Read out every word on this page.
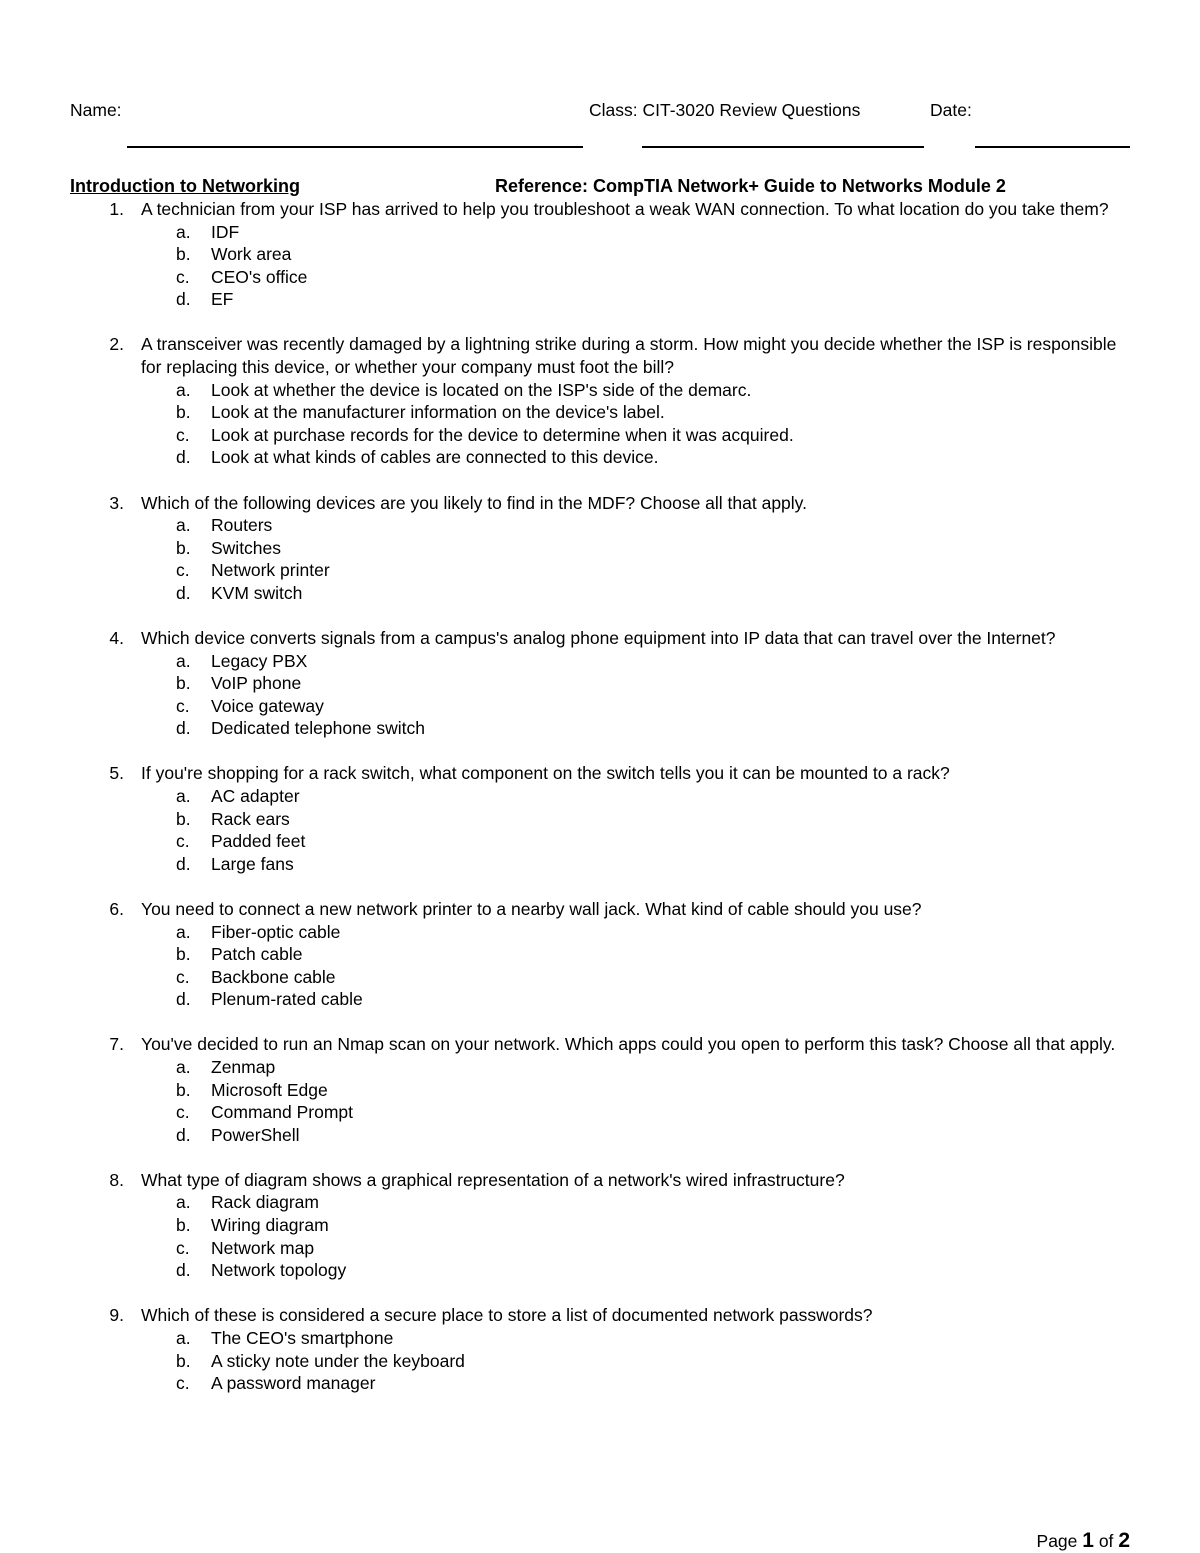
Name:	Class: CIT-3020 Review Questions	Date:
Introduction to Networking	Reference: CompTIA Network+ Guide to Networks Module 2
1. A technician from your ISP has arrived to help you troubleshoot a weak WAN connection. To what location do you take them?
a. IDF
b. Work area
c. CEO's office
d. EF
2. A transceiver was recently damaged by a lightning strike during a storm. How might you decide whether the ISP is responsible for replacing this device, or whether your company must foot the bill?
a. Look at whether the device is located on the ISP's side of the demarc.
b. Look at the manufacturer information on the device's label.
c. Look at purchase records for the device to determine when it was acquired.
d. Look at what kinds of cables are connected to this device.
3. Which of the following devices are you likely to find in the MDF? Choose all that apply.
a. Routers
b. Switches
c. Network printer
d. KVM switch
4. Which device converts signals from a campus's analog phone equipment into IP data that can travel over the Internet?
a. Legacy PBX
b. VoIP phone
c. Voice gateway
d. Dedicated telephone switch
5. If you're shopping for a rack switch, what component on the switch tells you it can be mounted to a rack?
a. AC adapter
b. Rack ears
c. Padded feet
d. Large fans
6. You need to connect a new network printer to a nearby wall jack. What kind of cable should you use?
a. Fiber-optic cable
b. Patch cable
c. Backbone cable
d. Plenum-rated cable
7. You've decided to run an Nmap scan on your network. Which apps could you open to perform this task? Choose all that apply.
a. Zenmap
b. Microsoft Edge
c. Command Prompt
d. PowerShell
8. What type of diagram shows a graphical representation of a network's wired infrastructure?
a. Rack diagram
b. Wiring diagram
c. Network map
d. Network topology
9. Which of these is considered a secure place to store a list of documented network passwords?
a. The CEO's smartphone
b. A sticky note under the keyboard
c. A password manager
Page 1 of 2
